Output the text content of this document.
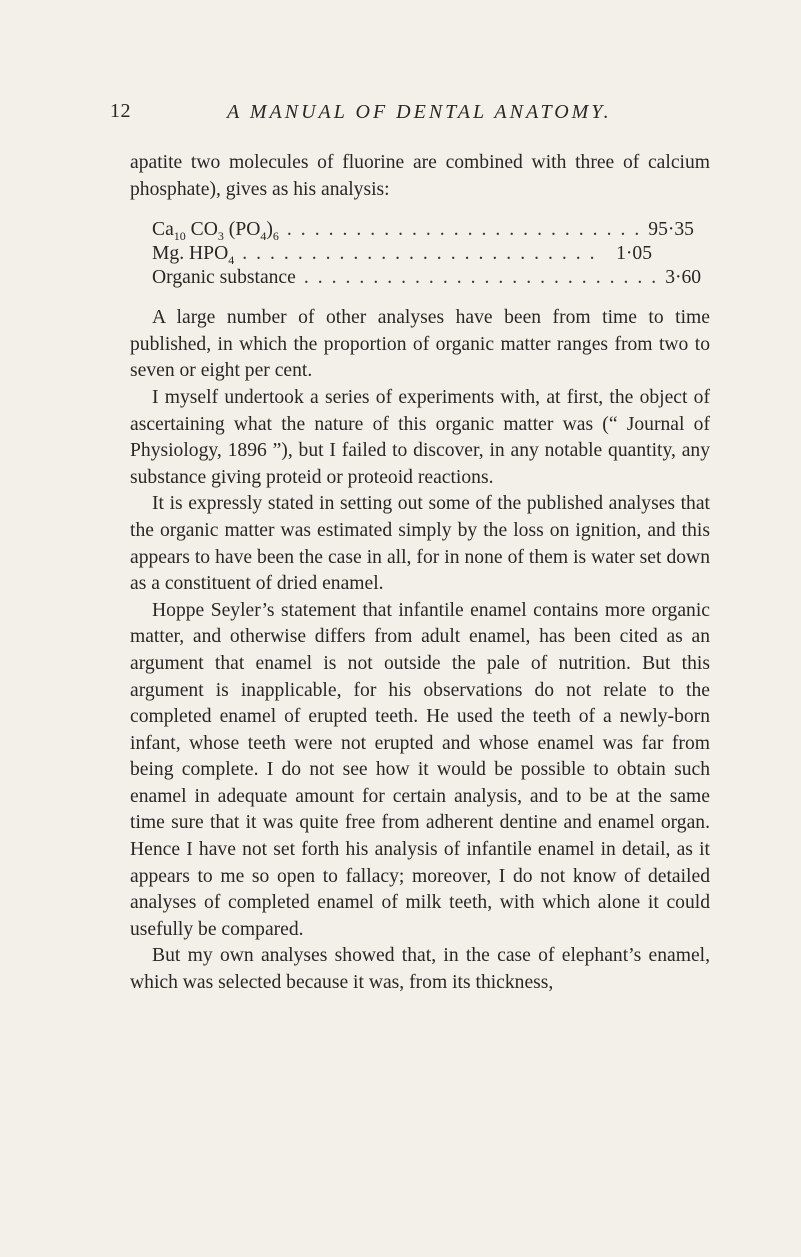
12	A MANUAL OF DENTAL ANATOMY.

apatite two molecules of fluorine are combined with three of calcium phosphate), gives as his analysis:

$Ca_{10}$ $CO_3$ $(PO_4)_6$ .......................... 95·35
Mg. $HPO_4$ .......................... 1·05
Organic substance .......................... 3·60

A large number of other analyses have been from time to time published, in which the proportion of organic matter ranges from two to seven or eight per cent.

I myself undertook a series of experiments with, at first, the object of ascertaining what the nature of this organic matter was (“ Journal of Physiology, 1896 ”), but I failed to discover, in any notable quantity, any substance giving proteid or proteoid reactions.

It is expressly stated in setting out some of the published analyses that the organic matter was estimated simply by the loss on ignition, and this appears to have been the case in all, for in none of them is water set down as a constituent of dried enamel.

Hoppe Seyler’s statement that infantile enamel contains more organic matter, and otherwise differs from adult enamel, has been cited as an argument that enamel is not outside the pale of nutrition. But this argument is inapplicable, for his observations do not relate to the completed enamel of erupted teeth. He used the teeth of a newly-born infant, whose teeth were not erupted and whose enamel was far from being complete. I do not see how it would be possible to obtain such enamel in adequate amount for certain analysis, and to be at the same time sure that it was quite free from adherent dentine and enamel organ. Hence I have not set forth his analysis of infantile enamel in detail, as it appears to me so open to fallacy; moreover, I do not know of detailed analyses of completed enamel of milk teeth, with which alone it could usefully be compared.

But my own analyses showed that, in the case of elephant’s enamel, which was selected because it was, from its thickness,
